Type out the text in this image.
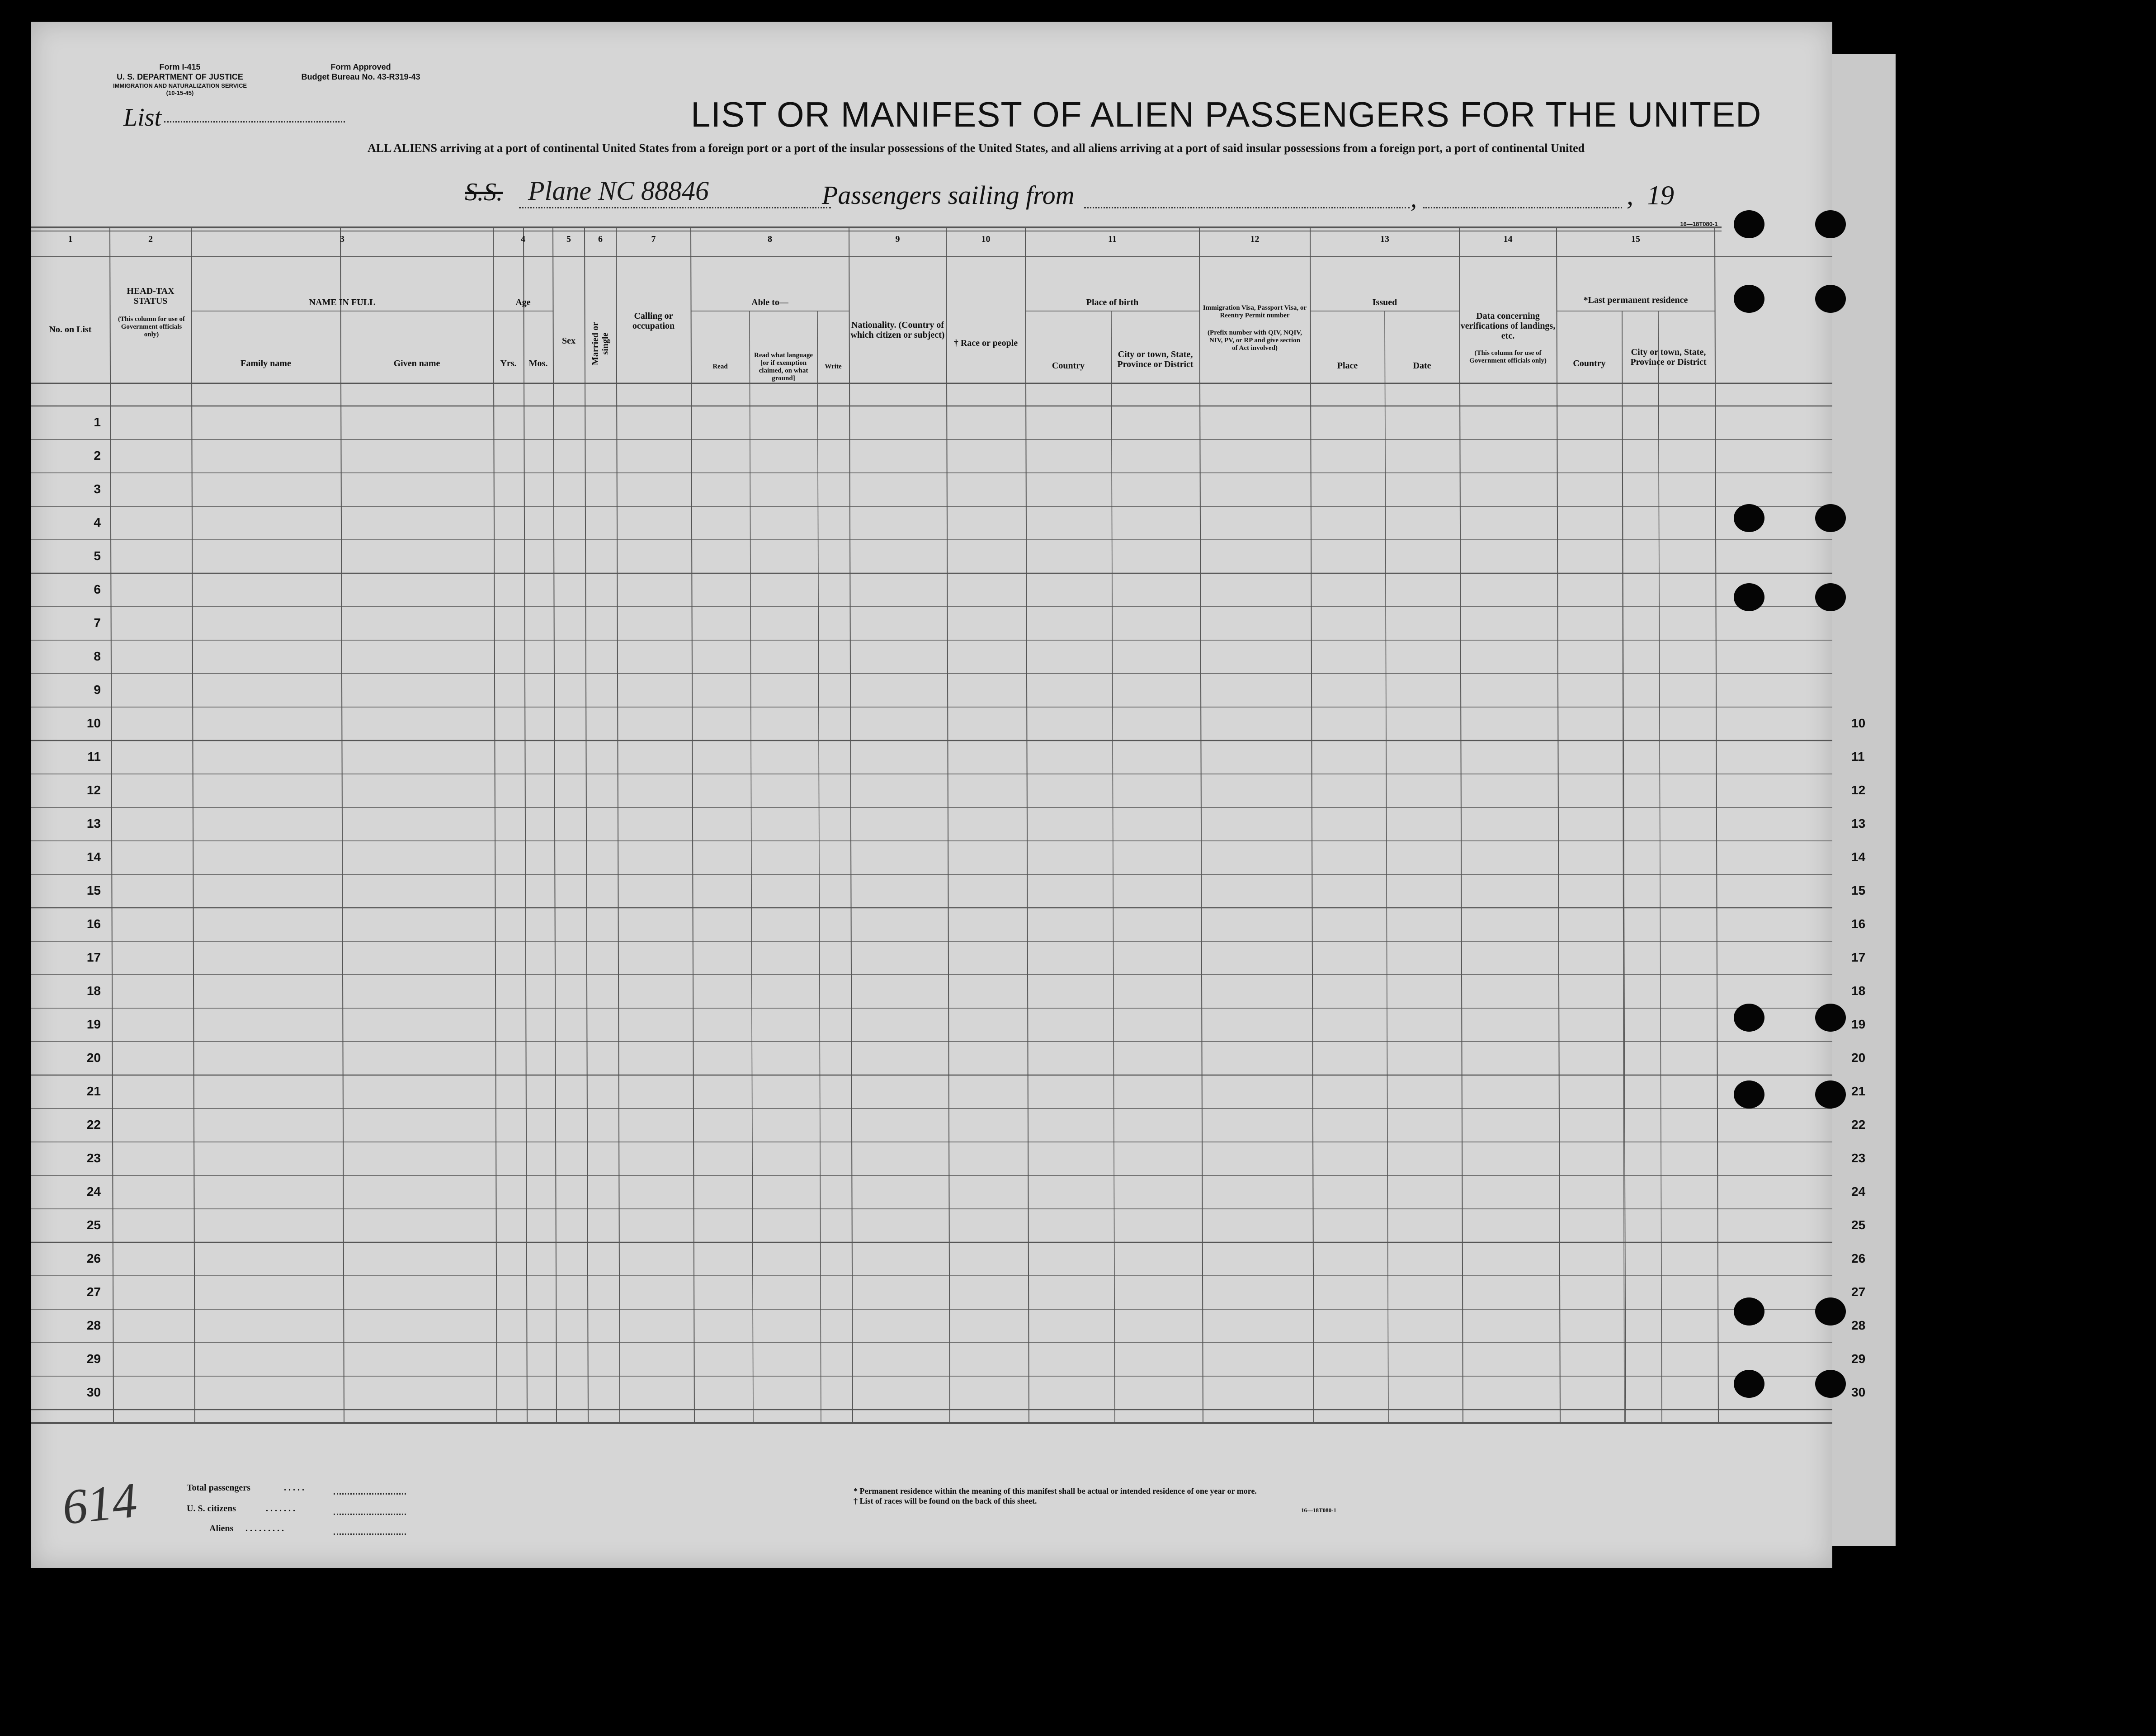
Form I-415
U. S. DEPARTMENT OF JUSTICE
IMMIGRATION AND NATURALIZATION SERVICE
(10-15-45)
Form Approved
Budget Bureau No. 43-R319-43
List	LIST OR MANIFEST OF ALIEN PASSENGERS FOR THE UNITED
ALL ALIENS arriving at a port of continental United States from a foreign port or a port of the insular possessions of the United States, and all aliens arriving at a port of said insular possessions from a foreign port, a port of continental United
S.S. Plane NC 88846	Passengers sailing from	,	, 19
16—18T080-1
1	2	3	4	5	6	7	8	9	10	11	12	13	14	15
No. on List
HEAD-TAX STATUS
(This column for use of Government officials only)
NAME IN FULL
Family name	Given name
Age
Yrs.	Mos.
Sex	Married or single
Calling or occupation
Able to—
Read
Read what language [or if exemption claimed, on what ground]
Write
Nationality. (Country of which citizen or subject)
† Race or people
Place of birth
Country
City or town, State, Province or District
Immigration Visa, Passport Visa, or Reentry Permit number
(Prefix number with QIV, NQIV, NIV, PV, or RP and give section of Act involved)
Issued
Place	Date
Data concerning verifications of landings, etc.
(This column for use of Government officials only)
*Last permanent residence
Country
City or town, State, Province or District
1
2
3
4
5
6
7
8
9
10
11
12
13
14
15
16
17
18
19
20
21
22
23
24
25
26
27
28
29
30
614	Total passengers	. . . . .
U. S. citizens	. . . . . . .
Aliens . . . . . . . . .
* Permanent residence within the meaning of this manifest shall be actual or intended residence of one year or more.
† List of races will be found on the back of this sheet.
16—18T080-1
10
11
12
13
14
15
16
17
18
19
20
21
22
23
24
25
26
27
28
29
30
